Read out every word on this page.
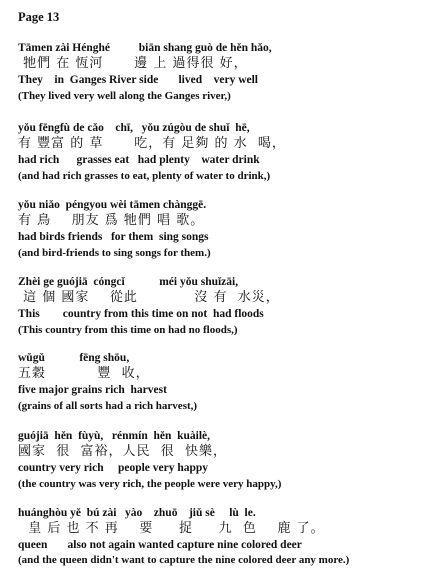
Page 13
Tāmen zài Hénghé          biān shang guò de hěn hǎo,
牠們 在 恆河      邊 上 過得很 好，
They    in  Ganges River side       lived    very well
(They lived very well along the Ganges river,)
yǒu fēngfù de cǎo    chī,   yǒu zúgòu de shuǐ  hē,
有 豐富 的 草      吃，有 足夠 的 水  喝，
had rich      grasses eat   had plenty    water drink
(and had rich grasses to eat, plenty of water to drink,)
yǒu niǎo  péngyou wèi tāmen chànggē.
有 鳥    朋友 爲 牠們 唱 歌。
had birds friends   for them  sing songs
(and bird-friends to sing songs for them.)
Zhèi ge guójiā  cóngcǐ            méi yǒu shuǐzāi,
這 個 國家    從此           沒 有  水災，
This        country from this time on not  had floods
(This country from this time on had no floods,)
wǔgǔ            fēng shōu,
五穀          豐  收，
five major grains rich  harvest
(grains of all sorts had a rich harvest,)
guójiā  hěn  fùyù,   rénmín  hěn  kuàilè,
國家  很  富裕，人民  很  快樂，
country very rich     people very happy
(the country was very rich, the people were very happy,)
huánghòu yě  bú zài   yào    zhuō    jiǔ sè     lù  le.
皇 后 也 不 再    要     捉     九  色    鹿 了。
queen       also not again wanted capture nine colored deer
(and the queen didn't want to capture the nine colored deer any more.)
